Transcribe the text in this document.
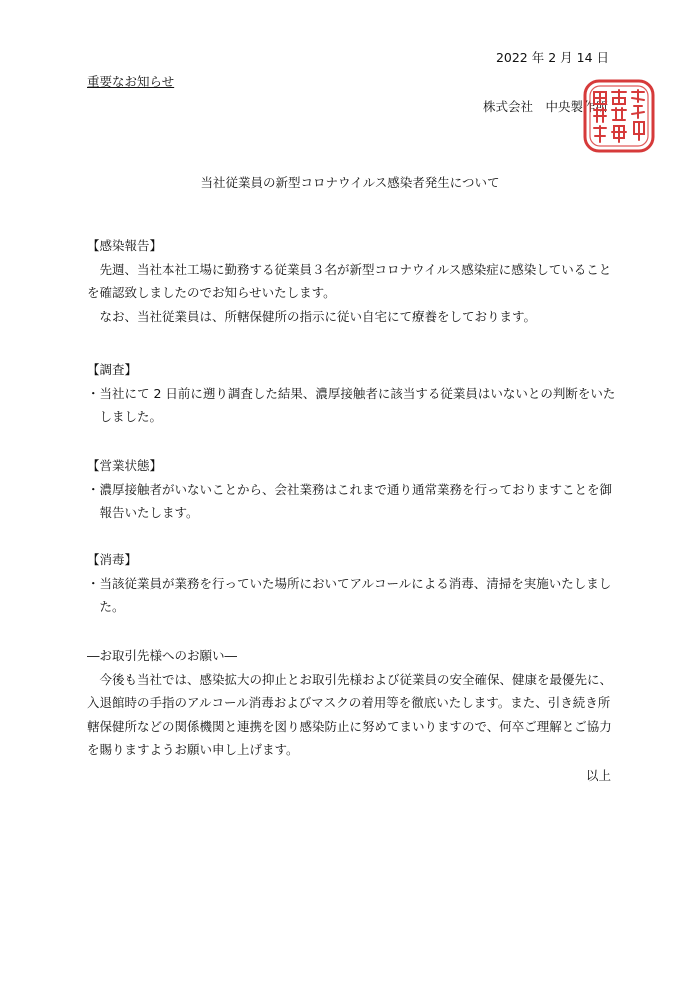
2022 年 2 月 14 日
重要なお知らせ
株式会社　中央製作所
当社従業員の新型コロナウイルス感染者発生について

【感染報告】

先週、当社本社工場に勤務する従業員３名が新型コロナウイルス感染症に感染していることを確認致しましたのでお知らせいたします。

なお、当社従業員は、所轄保健所の指示に従い自宅にて療養をしております。

【調査】

・当社にて 2 日前に遡り調査した結果、濃厚接触者に該当する従業員はいないとの判断をいたしました。

【営業状態】

・濃厚接触者がいないことから、会社業務はこれまで通り通常業務を行っておりますことを御報告いたします。

【消毒】

・当該従業員が業務を行っていた場所においてアルコールによる消毒、清掃を実施いたしました。

―お取引先様へのお願い―

今後も当社では、感染拡大の抑止とお取引先様および従業員の安全確保、健康を最優先に、入退館時の手指のアルコール消毒およびマスクの着用等を徹底いたします。また、引き続き所轄保健所などの関係機関と連携を図り感染防止に努めてまいりますので、何卒ご理解とご協力を賜りますようお願い申し上げます。

以上
